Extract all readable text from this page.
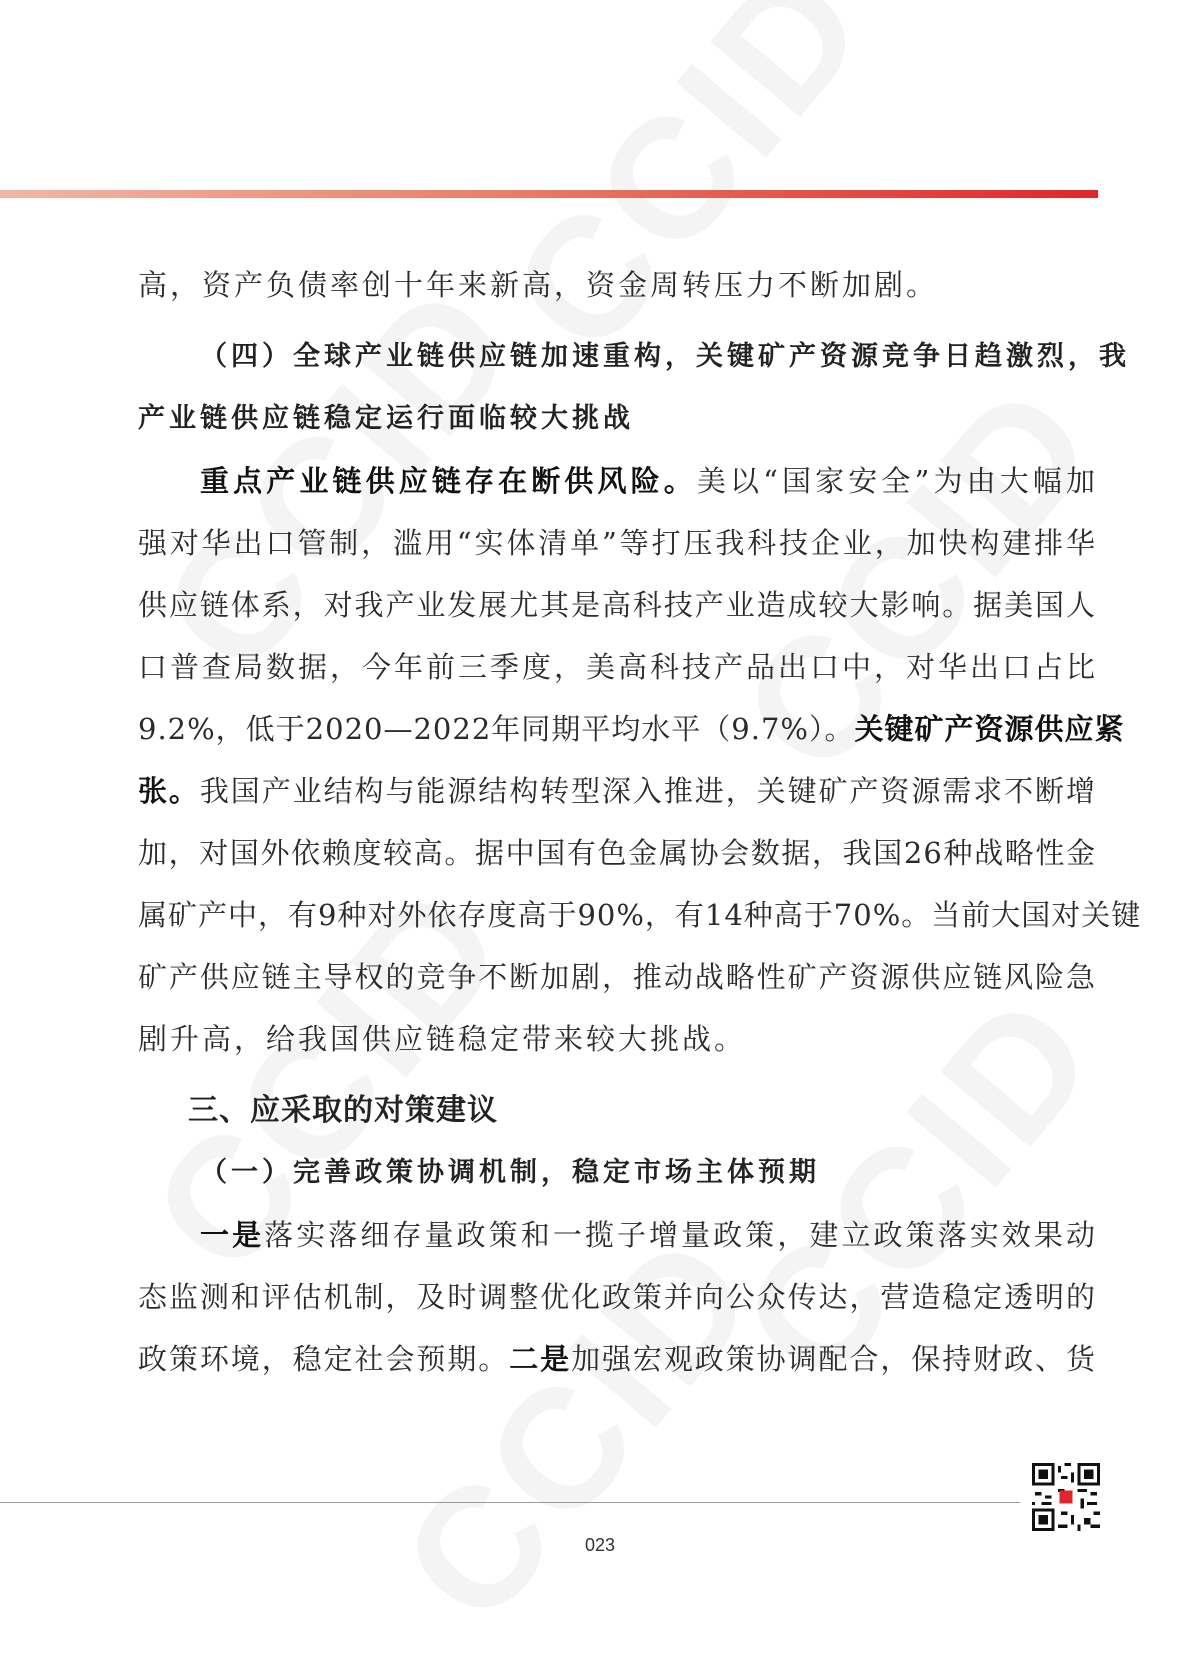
高，资产负债率创十年来新高，资金周转压力不断加剧。

（四）全球产业链供应链加速重构，关键矿产资源竞争日趋激烈，我

产业链供应链稳定运行面临较大挑战

重点产业链供应链存在断供风险。美以“国家安全”为由大幅加

强对华出口管制，滥用“实体清单”等打压我科技企业，加快构建排华

供应链体系，对我产业发展尤其是高科技产业造成较大影响。据美国人

口普查局数据，今年前三季度，美高科技产品出口中，对华出口占比

9.2%，低于2020—2022年同期平均水平（9.7%）。关键矿产资源供应紧

张。我国产业结构与能源结构转型深入推进，关键矿产资源需求不断增

加，对国外依赖度较高。据中国有色金属协会数据，我国26种战略性金

属矿产中，有9种对外依存度高于90%，有14种高于70%。当前大国对关键

矿产供应链主导权的竞争不断加剧，推动战略性矿产资源供应链风险急

剧升高，给我国供应链稳定带来较大挑战。

三、应采取的对策建议

（一）完善政策协调机制，稳定市场主体预期

一是落实落细存量政策和一揽子增量政策，建立政策落实效果动

态监测和评估机制，及时调整优化政策并向公众传达，营造稳定透明的

政策环境，稳定社会预期。二是加强宏观政策协调配合，保持财政、货

023
